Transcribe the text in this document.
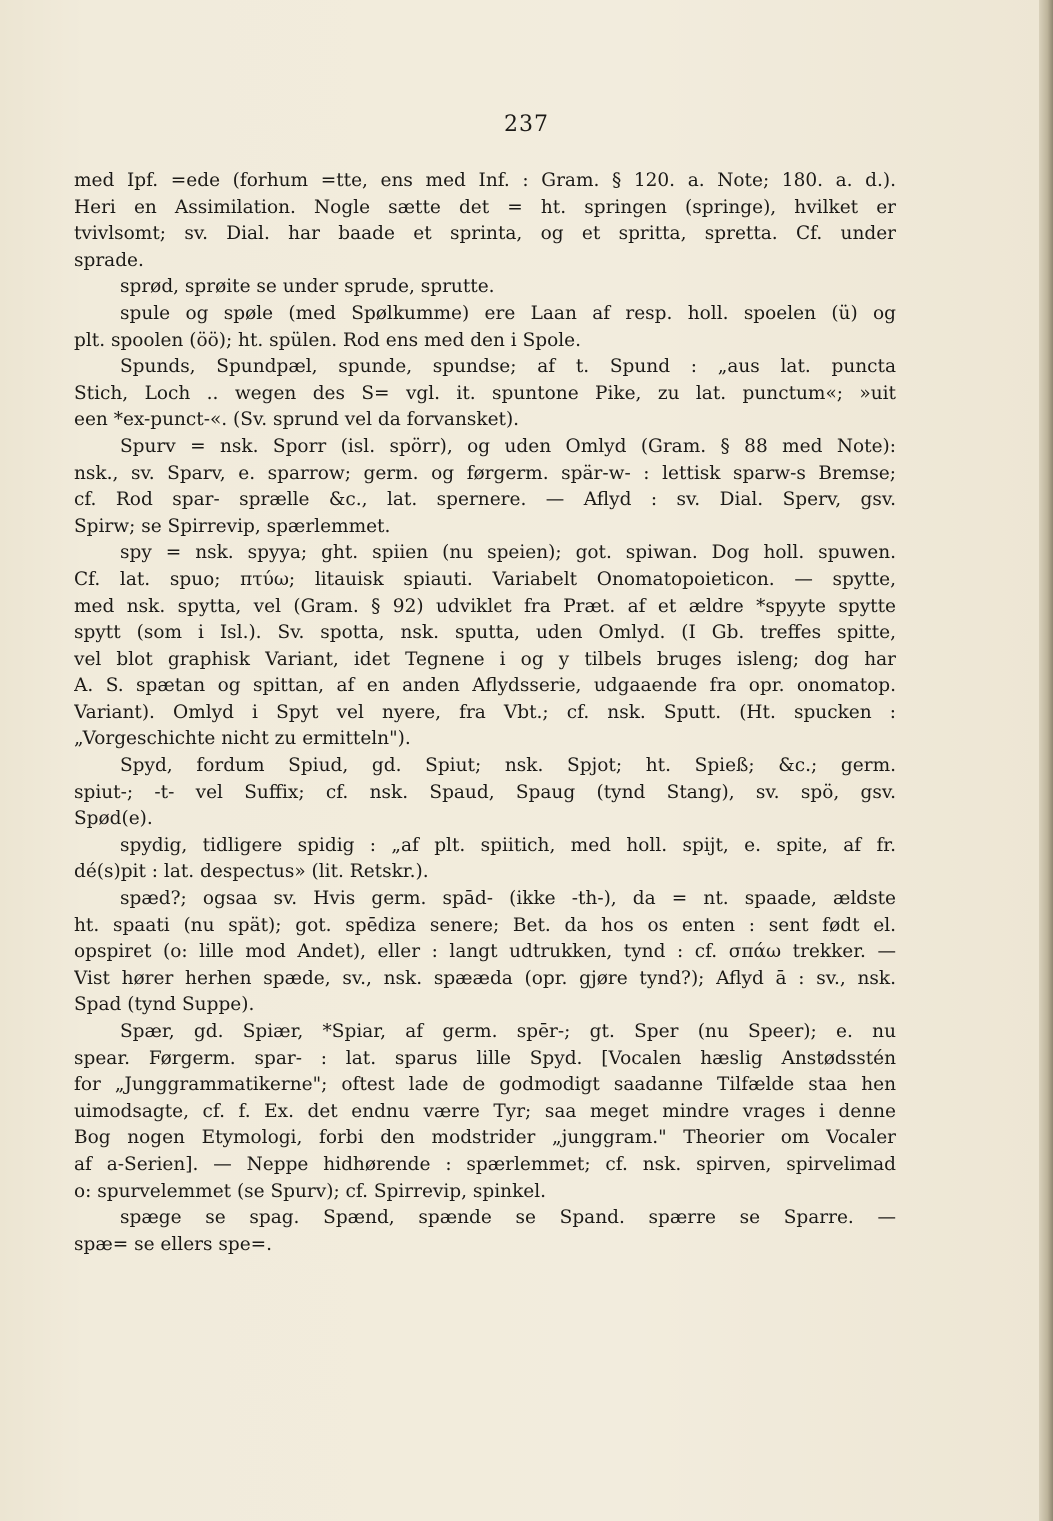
237
med Ipf. =ede (forhum =tte, ens med Inf. : Gram. § 120. a. Note; 180. a. d.).
Heri en Assimilation. Nogle sætte det = ht. springen (springe), hvilket er
tvivlsomt; sv. Dial. har baade et sprinta, og et spritta, spretta. Cf. under
sprade.
sprød, sprøite se under sprude, sprutte.
spule og spøle (med Spølkumme) ere Laan af resp. holl. spoelen (ü) og
plt. spoolen (öö); ht. spülen. Rod ens med den i Spole.
Spunds, Spundpæl, spunde, spundse; af t. Spund : „aus lat. puncta
Stich, Loch .. wegen des S= vgl. it. spuntone Pike, zu lat. punctum«; »uit
een *ex-punct-«. (Sv. sprund vel da forvansket).
Spurv = nsk. Sporr (isl. spörr), og uden Omlyd (Gram. § 88 med Note):
nsk., sv. Sparv, e. sparrow; germ. og førgerm. spär-w- : lettisk sparw-s Bremse;
cf. Rod spar- sprælle &c., lat. spernere. — Aflyd : sv. Dial. Sperv, gsv.
Spirw; se Spirrevip, spærlemmet.
spy = nsk. spyya; ght. spiien (nu speien); got. spiwan. Dog holl. spuwen.
Cf. lat. spuo; πτύω; litauisk spiauti. Variabelt Onomatopoieticon. — spytte,
med nsk. spytta, vel (Gram. § 92) udviklet fra Præt. af et ældre *spyyte spytte
spytt (som i Isl.). Sv. spotta, nsk. sputta, uden Omlyd. (I Gb. treffes spitte,
vel blot graphisk Variant, idet Tegnene i og y tilbels bruges isleng; dog har
A. S. spætan og spittan, af en anden Aflydsserie, udgaaende fra opr. onomatop.
Variant). Omlyd i Spyt vel nyere, fra Vbt.; cf. nsk. Sputt. (Ht. spucken :
„Vorgeschichte nicht zu ermitteln").
Spyd, fordum Spiud, gd. Spiut; nsk. Spjot; ht. Spieß; &c.; germ.
spiut-; -t- vel Suffix; cf. nsk. Spaud, Spaug (tynd Stang), sv. spö, gsv.
Spød(e).
spydig, tidligere spidig : „af plt. spiitich, med holl. spijt, e. spite, af fr.
dé(s)pit : lat. despectus» (lit. Retskr.).
spæd?; ogsaa sv. Hvis germ. spād- (ikke -th-), da = nt. spaade, ældste
ht. spaati (nu spät); got. spēdiza senere; Bet. da hos os enten : sent født el.
opspiret (o: lille mod Andet), eller : langt udtrukken, tynd : cf. σπάω trekker. —
Vist hører herhen spæde, sv., nsk. spææda (opr. gjøre tynd?); Aflyd ā : sv., nsk.
Spad (tynd Suppe).
Spær, gd. Spiær, *Spiar, af germ. spēr-; gt. Sper (nu Speer); e. nu
spear. Førgerm. spar- : lat. sparus lille Spyd. [Vocalen hæslig Anstødsstén
for „Junggrammatikerne"; oftest lade de godmodigt saadanne Tilfælde staa hen
uimodsagte, cf. f. Ex. det endnu værre Tyr; saa meget mindre vrages i denne
Bog nogen Etymologi, forbi den modstrider „junggram." Theorier om Vocaler
af a-Serien]. — Neppe hidhørende : spærlemmet; cf. nsk. spirven, spirvelimad
o: spurvelemmet (se Spurv); cf. Spirrevip, spinkel.
spæge se spag. Spænd, spænde se Spand. spærre se Sparre. —
spæ= se ellers spe=.
